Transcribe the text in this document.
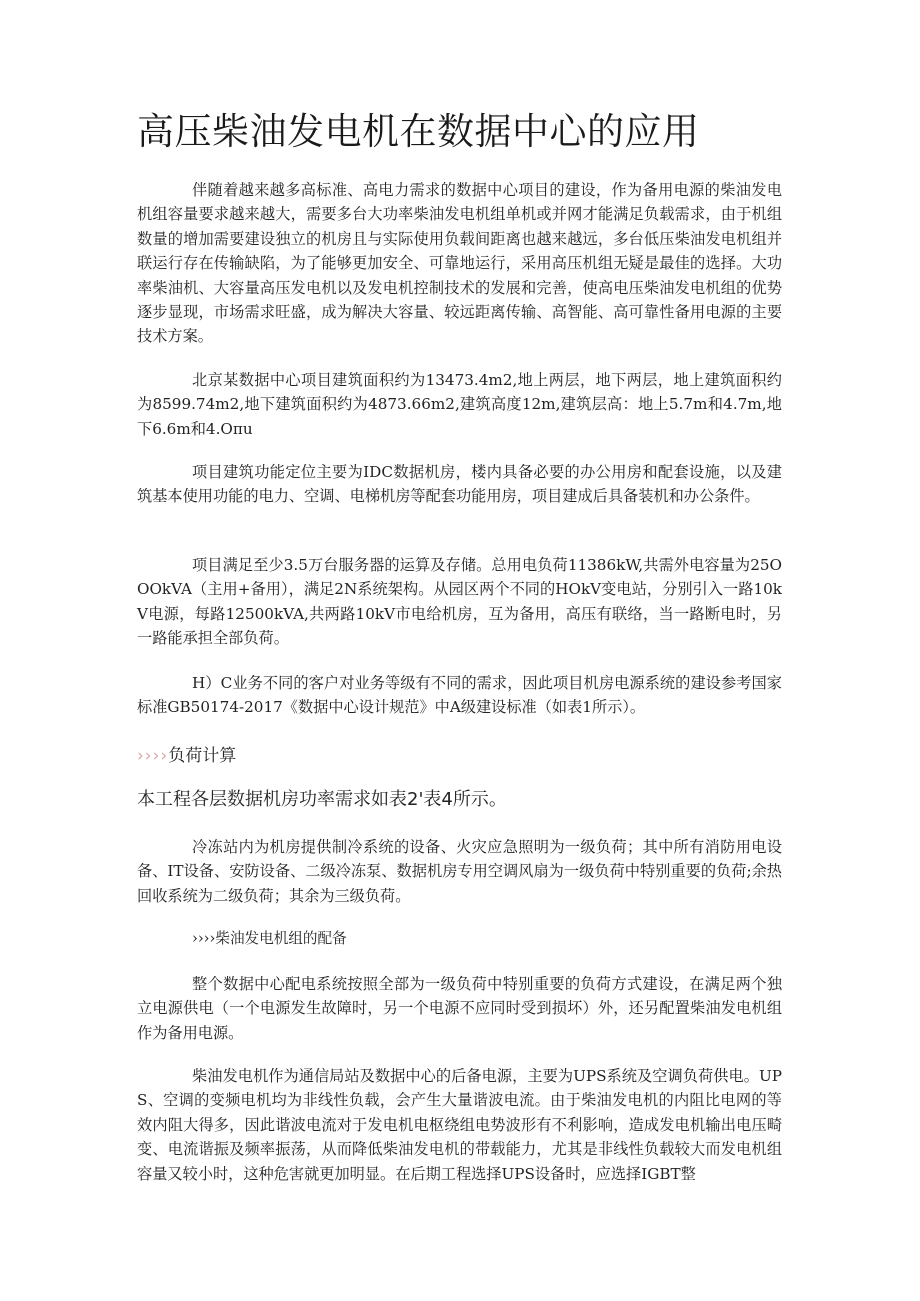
高压柴油发电机在数据中心的应用

伴随着越来越多高标准、高电力需求的数据中心项目的建设，作为备用电源的柴油发电机组容量要求越来越大，需要多台大功率柴油发电机组单机或并网才能满足负载需求，由于机组数量的增加需要建设独立的机房且与实际使用负载间距离也越来越远，多台低压柴油发电机组并联运行存在传输缺陷，为了能够更加安全、可靠地运行，采用高压机组无疑是最佳的选择。大功率柴油机、大容量高压发电机以及发电机控制技术的发展和完善，使高电压柴油发电机组的优势逐步显现，市场需求旺盛，成为解决大容量、较远距离传输、高智能、高可靠性备用电源的主要技术方案。

北京某数据中心项目建筑面积约为13473.4m2,地上两层，地下两层，地上建筑面积约为8599.74m2,地下建筑面积约为4873.66m2,建筑高度12m,建筑层高：地上5.7m和4.7m,地下6.6m和4.Oπu

项目建筑功能定位主要为IDC数据机房，楼内具备必要的办公用房和配套设施，以及建筑基本使用功能的电力、空调、电梯机房等配套功能用房，项目建成后具备装机和办公条件。

项目满足至少3.5万台服务器的运算及存储。总用电负荷11386kW,共需外电容量为25OOOkVA（主用+备用），满足2N系统架构。从园区两个不同的HOkV变电站，分别引入一路10kV电源，每路12500kVA,共两路10kV市电给机房，互为备用，高压有联络，当一路断电时，另一路能承担全部负荷。

H）C业务不同的客户对业务等级有不同的需求，因此项目机房电源系统的建设参考国家标准GB50174-2017《数据中心设计规范》中A级建设标准（如表1所示）。

››››负荷计算
本工程各层数据机房功率需求如表2'表4所示。

冷冻站内为机房提供制冷系统的设备、火灾应急照明为一级负荷；其中所有消防用电设备、IT设备、安防设备、二级冷冻泵、数据机房专用空调风扇为一级负荷中特别重要的负荷;余热回收系统为二级负荷；其余为三级负荷。

››››柴油发电机组的配备

整个数据中心配电系统按照全部为一级负荷中特别重要的负荷方式建设，在满足两个独立电源供电（一个电源发生故障时，另一个电源不应同时受到损坏）外，还另配置柴油发电机组作为备用电源。

柴油发电机作为通信局站及数据中心的后备电源，主要为UPS系统及空调负荷供电。UPS、空调的变频电机均为非线性负载，会产生大量谐波电流。由于柴油发电机的内阻比电网的等效内阻大得多，因此谐波电流对于发电机电枢绕组电势波形有不利影响，造成发电机输出电压畸变、电流谐振及频率振荡，从而降低柴油发电机的带载能力，尤其是非线性负载较大而发电机组容量又较小时，这种危害就更加明显。在后期工程选择UPS设备时，应选择IGBT整
